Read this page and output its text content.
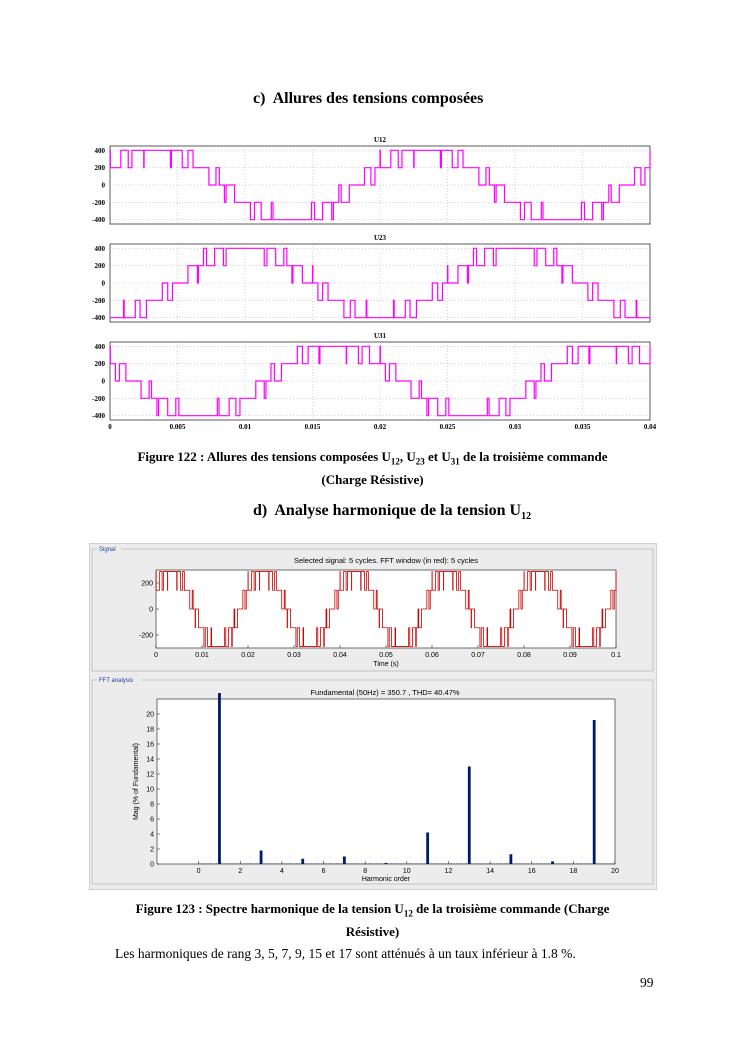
c) Allures des tensions composées
U12
400
200
0
-200
-400
U23
400
200
0
-200
-400
U31
400
200
0
-200
-400
0	0.005	0.01	0.015	0.02	0.025	0.03	0.035	0.04
Figure 122 : Allures des tensions composées $U_{12}$, $U_{23}$ et $U_{31}$ de la troisième commande
(Charge Résistive)
d) Analyse harmonique de la tension $U_{12}$
Signal
Selected signal: 5 cycles. FFT window (in red): 5 cycles
200
0
-200
0	0.01	0.02	0.03	0.04	0.05	0.06	0.07	0.08	0.09	0.1
Time (s)
FFT analysis
Fundamental (50Hz) = 350.7 , THD= 40.47%
0
2
4
6
8
10
12
14
16
18
20
0	2	4	6	8	10	12	14	16	18	20
Harmonic order
Mag (% of Fundamental)
Figure 123 : Spectre harmonique de la tension $U_{12}$ de la troisième commande (Charge
Résistive)
Les harmoniques de rang 3, 5, 7, 9, 15 et 17 sont atténués à un taux inférieur à 1.8 %.
99
